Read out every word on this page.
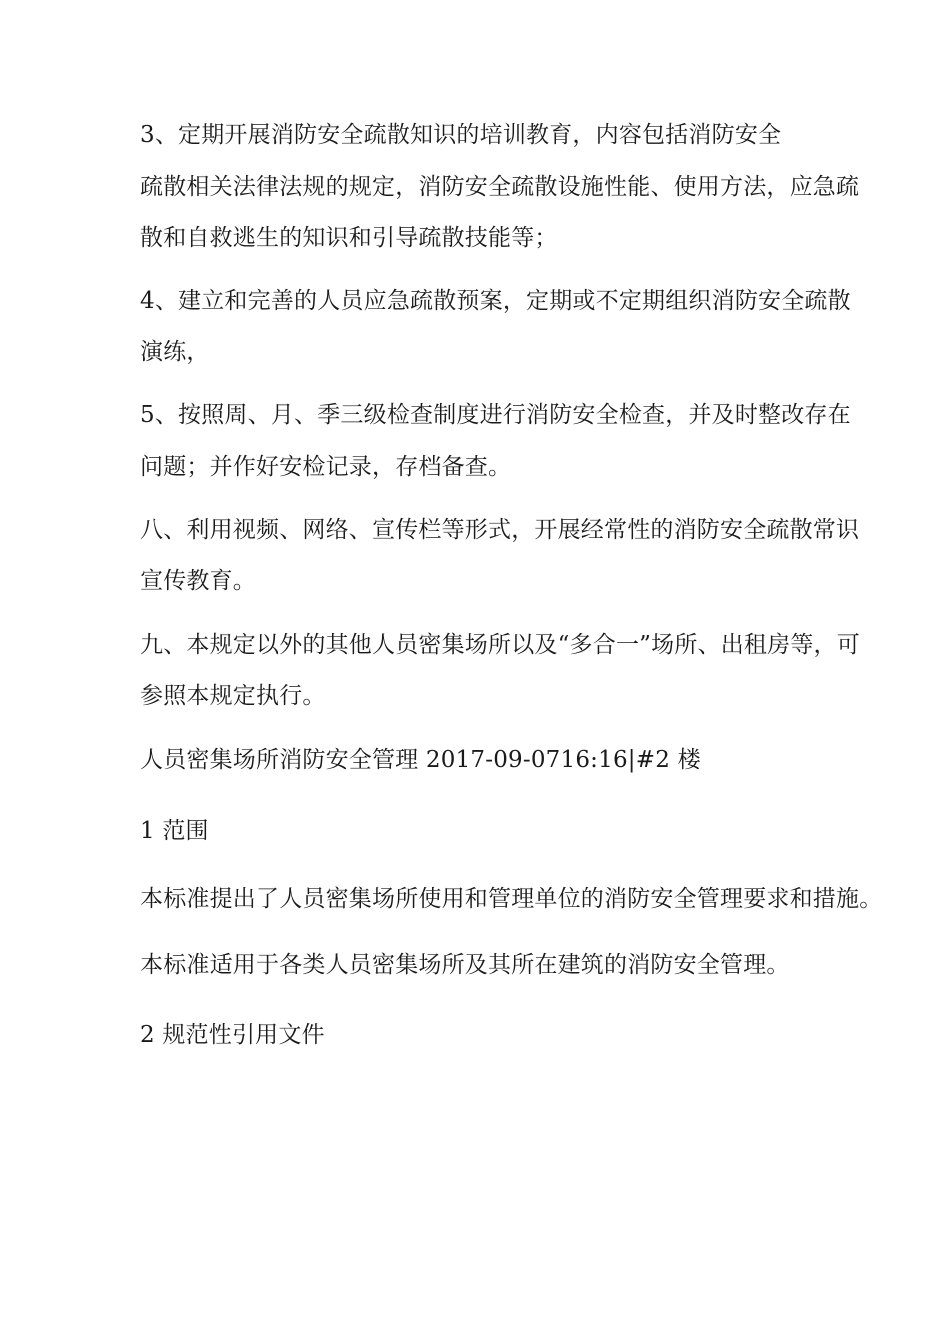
3、定期开展消防安全疏散知识的培训教育，内容包括消防安全
疏散相关法律法规的规定，消防安全疏散设施性能、使用方法，应急疏
散和自救逃生的知识和引导疏散技能等；
4、建立和完善的人员应急疏散预案，定期或不定期组织消防安全疏散
演练，
5、按照周、月、季三级检查制度进行消防安全检查，并及时整改存在
问题；并作好安检记录，存档备查。
八、利用视频、网络、宣传栏等形式，开展经常性的消防安全疏散常识
宣传教育。
九、本规定以外的其他人员密集场所以及“多合一”场所、出租房等，可
参照本规定执行。
人员密集场所消防安全管理 2017-09-0716:16|#2 楼
1 范围
本标准提出了人员密集场所使用和管理单位的消防安全管理要求和措施。
本标准适用于各类人员密集场所及其所在建筑的消防安全管理。
2 规范性引用文件
